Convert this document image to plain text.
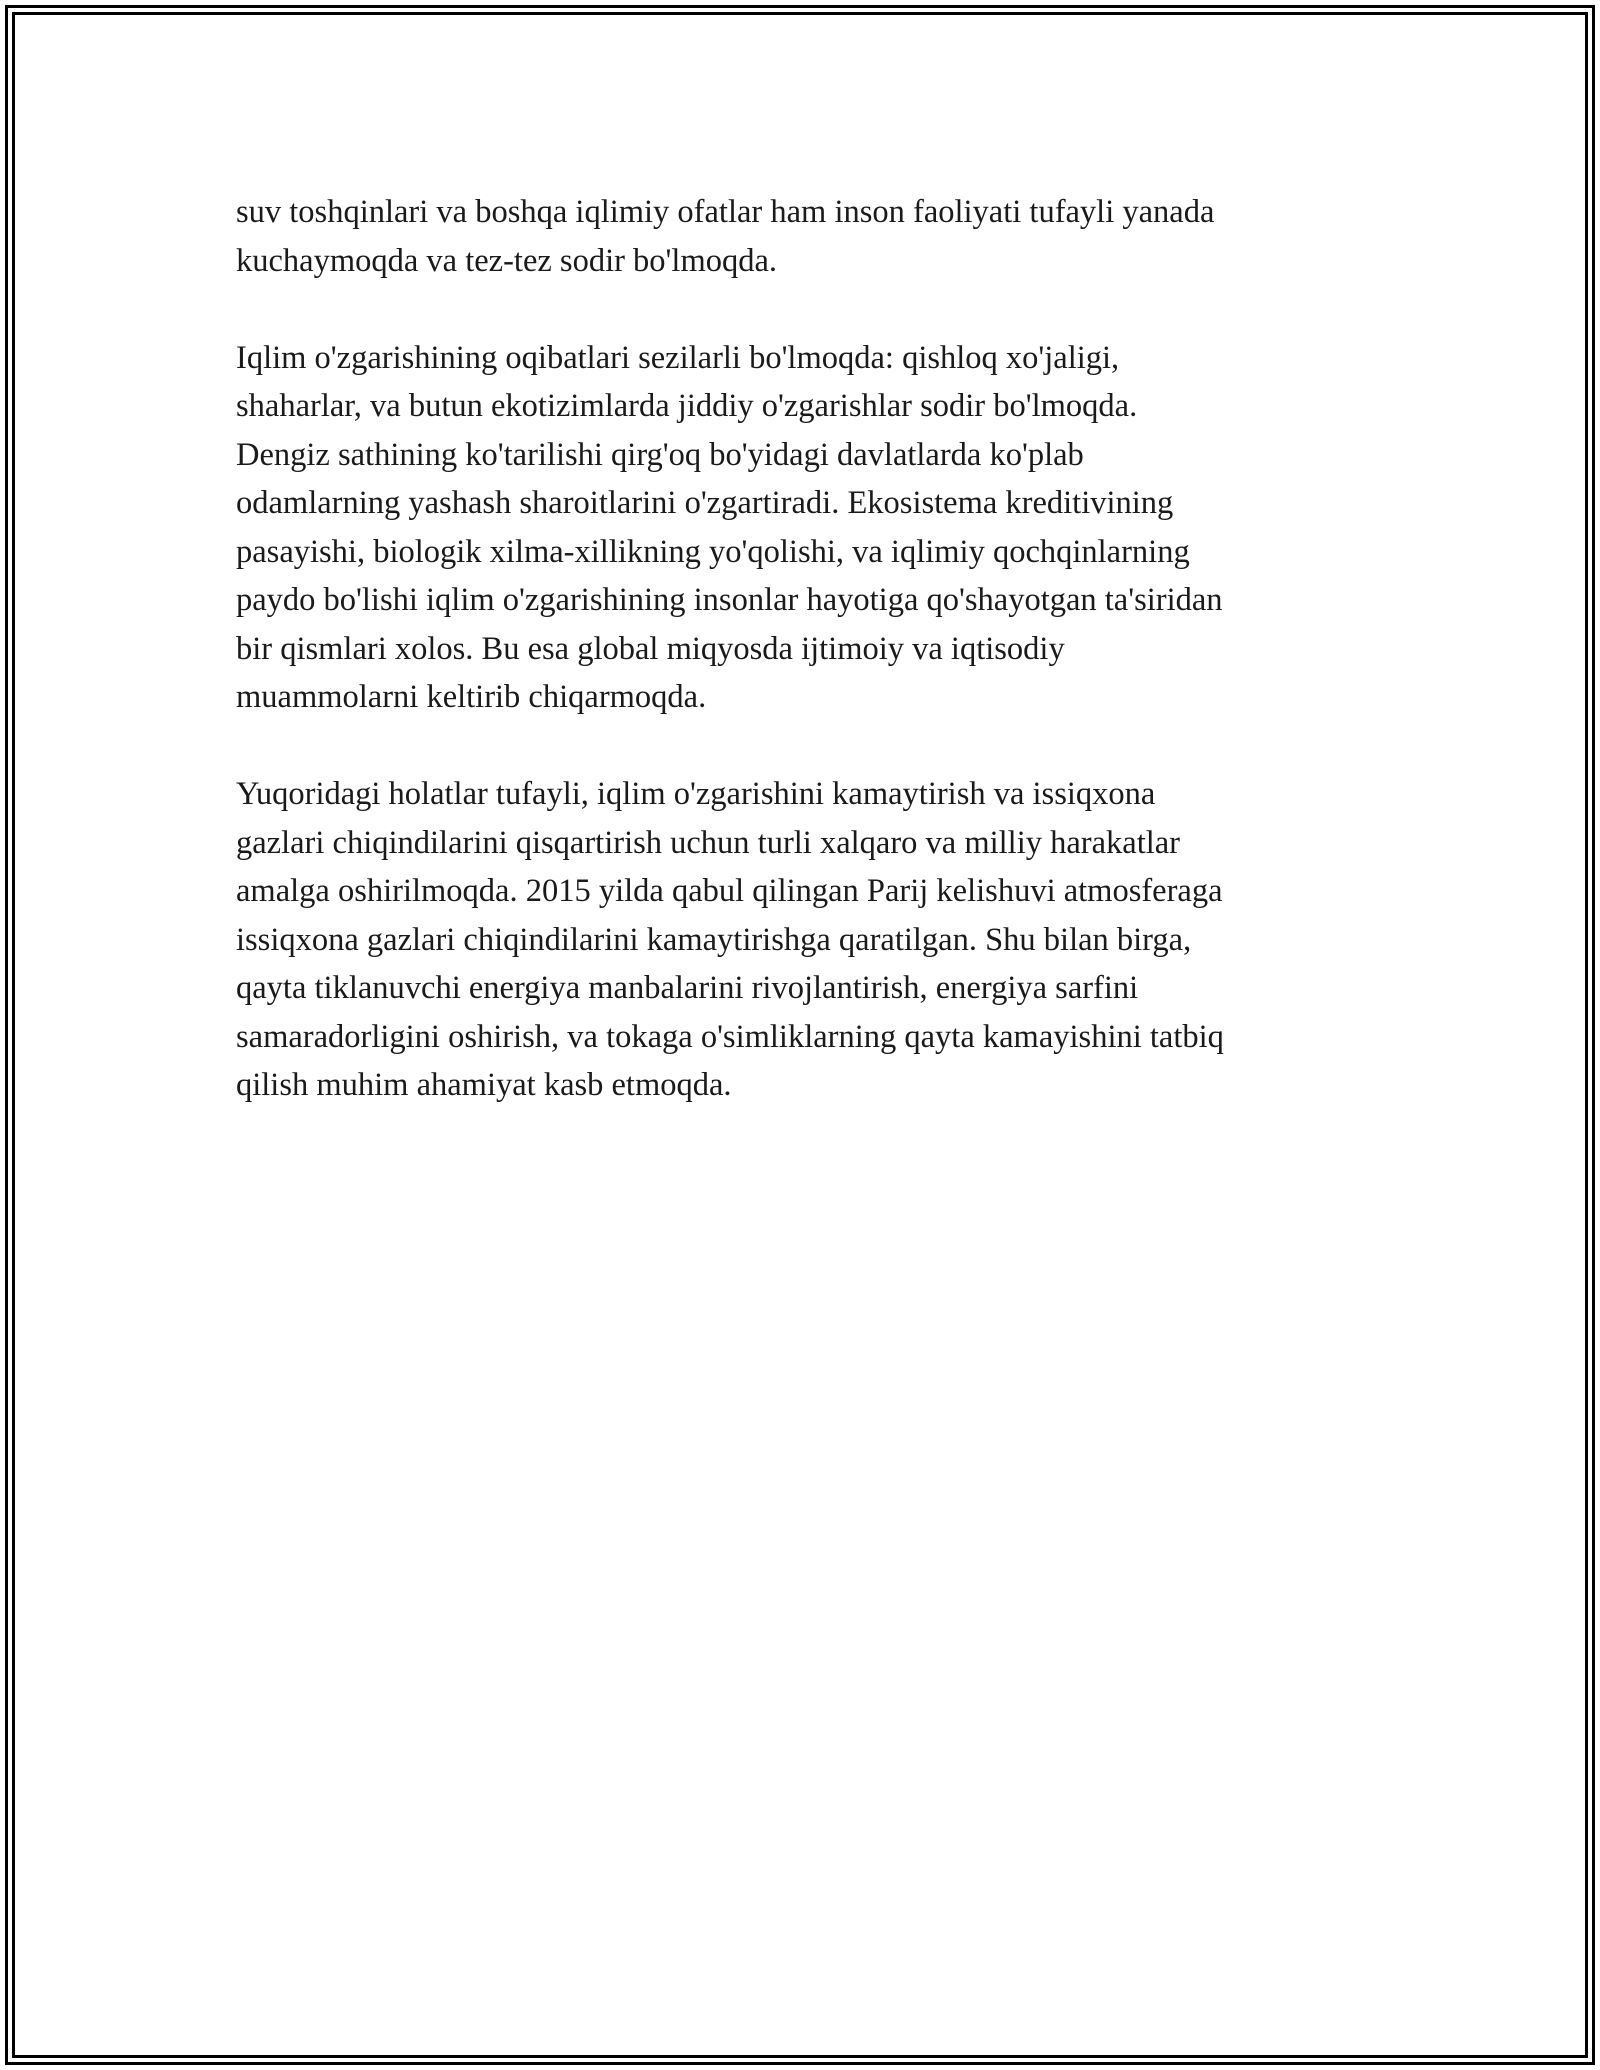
suv toshqinlari va boshqa iqlimiy ofatlar ham inson faoliyati tufayli yanada
kuchaymoqda va tez-tez sodir bo'lmoqda.

Iqlim o'zgarishining oqibatlari sezilarli bo'lmoqda: qishloq xo'jaligi,
shaharlar, va butun ekotizimlarda jiddiy o'zgarishlar sodir bo'lmoqda.
Dengiz sathining ko'tarilishi qirg'oq bo'yidagi davlatlarda ko'plab
odamlarning yashash sharoitlarini o'zgartiradi. Ekosistema kreditivining
pasayishi, biologik xilma-xillikning yo'qolishi, va iqlimiy qochqinlarning
paydo bo'lishi iqlim o'zgarishining insonlar hayotiga qo'shayotgan ta'siridan
bir qismlari xolos. Bu esa global miqyosda ijtimoiy va iqtisodiy
muammolarni keltirib chiqarmoqda.

Yuqoridagi holatlar tufayli, iqlim o'zgarishini kamaytirish va issiqxona
gazlari chiqindilarini qisqartirish uchun turli xalqaro va milliy harakatlar
amalga oshirilmoqda. 2015 yilda qabul qilingan Parij kelishuvi atmosferaga
issiqxona gazlari chiqindilarini kamaytirishga qaratilgan. Shu bilan birga,
qayta tiklanuvchi energiya manbalarini rivojlantirish, energiya sarfini
samaradorligini oshirish, va tokaga o'simliklarning qayta kamayishini tatbiq
qilish muhim ahamiyat kasb etmoqda.
